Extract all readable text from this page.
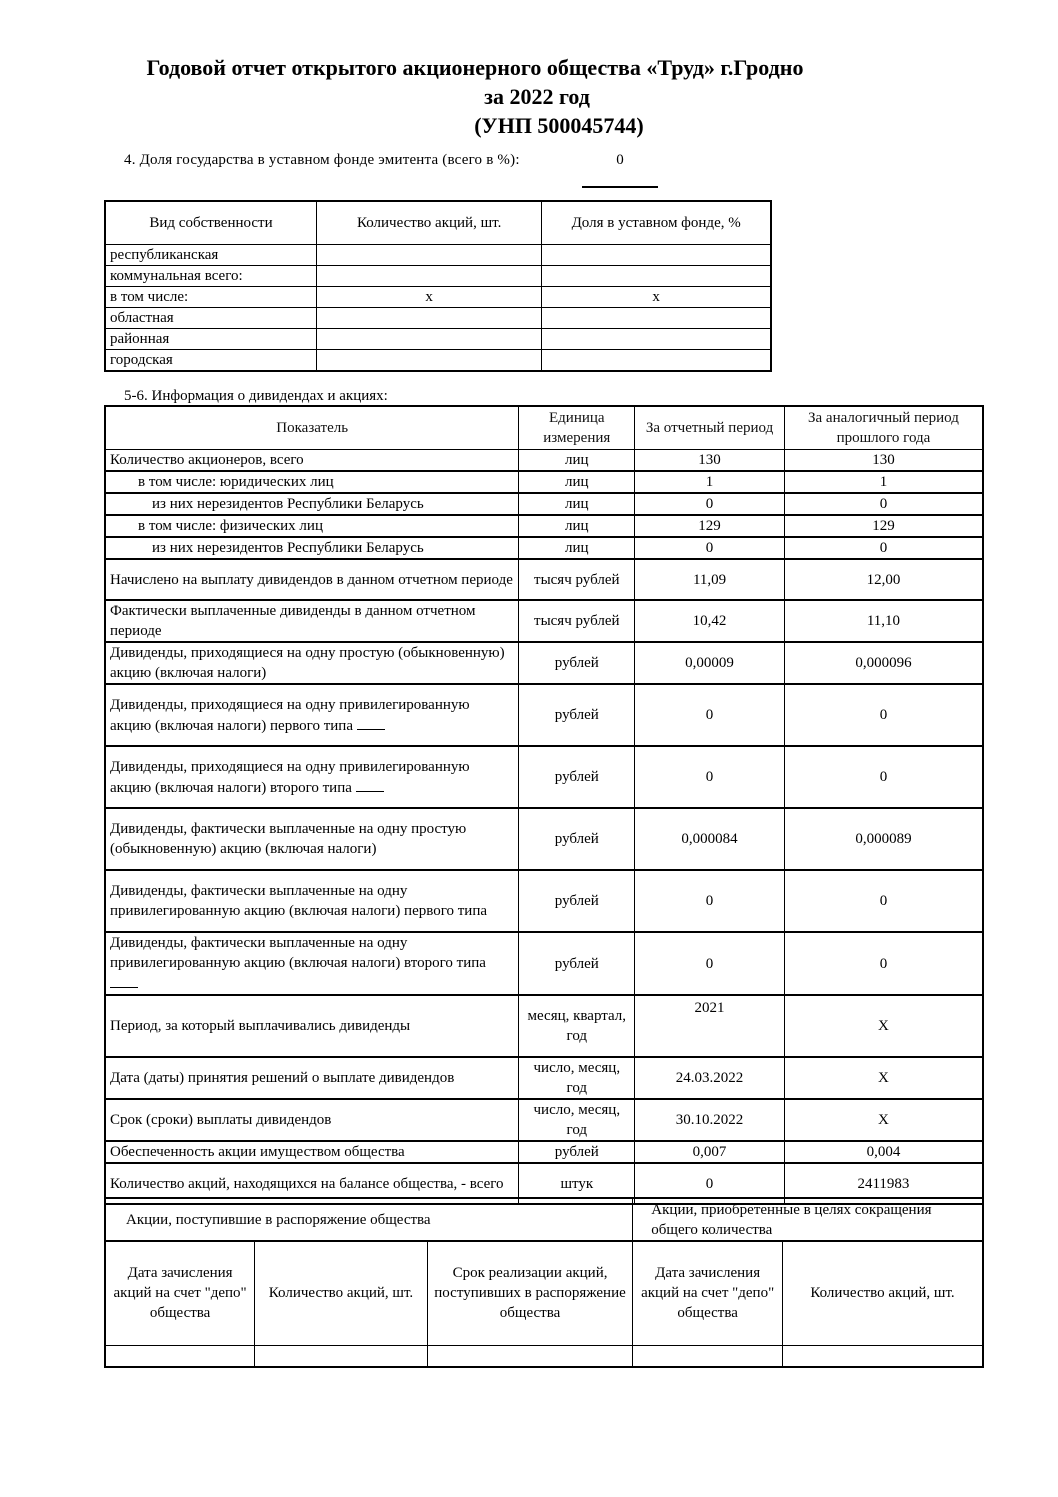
Годовой отчет открытого акционерного общества «Труд» г.Гродно
за 2022 год
(УНП 500045744)
4. Доля государства в уставном фонде эмитента (всего в %):	0
Вид собственности	Количество акций, шт.	Доля в уставном фонде, %
республиканская		
коммунальная всего:		
в том числе:	х	х
областная		
районная		
городская		
5-6. Информация о дивидендах и акциях:
Показатель	Единица измерения	За отчетный период	За аналогичный период прошлого года
Количество акционеров, всего	лиц	130	130
в том числе: юридических лиц	лиц	1	1
из них нерезидентов Республики Беларусь	лиц	0	0
в том числе: физических лиц	лиц	129	129
из них нерезидентов Республики Беларусь	лиц	0	0
Начислено на выплату дивидендов в данном отчетном периоде	тысяч рублей	11,09	12,00
Фактически выплаченные дивиденды в данном отчетном периоде	тысяч рублей	10,42	11,10
Дивиденды, приходящиеся на одну простую (обыкновенную) акцию (включая налоги)	рублей	0,00009	0,000096
Дивиденды, приходящиеся на одну привилегированную акцию (включая налоги) первого типа	рублей	0	0
Дивиденды, приходящиеся на одну привилегированную акцию (включая налоги) второго типа	рублей	0	0
Дивиденды, фактически выплаченные на одну простую (обыкновенную) акцию (включая налоги)	рублей	0,000084	0,000089
Дивиденды, фактически выплаченные на одну привилегированную акцию (включая налоги) первого типа	рублей	0	0
Дивиденды, фактически выплаченные на одну привилегированную акцию (включая налоги) второго типа	рублей	0	0
Период, за который выплачивались дивиденды	месяц, квартал, год	2021	X
Дата (даты) принятия решений о выплате дивидендов	число, месяц, год	24.03.2022	X
Срок (сроки) выплаты дивидендов	число, месяц, год	30.10.2022	X
Обеспеченность акции имуществом общества	рублей	0,007	0,004
Количество акций, находящихся на балансе общества, - всего	штук	0	2411983
Акции, поступившие в распоряжение общества			Акции, приобретенные в целях сокращения общего количества	
Дата зачисления акций на счет "депо" общества	Количество акций, шт.	Срок реализации акций, поступивших в распоряжение общества	Дата зачисления акций на счет "депо" общества	Количество акций, шт.
